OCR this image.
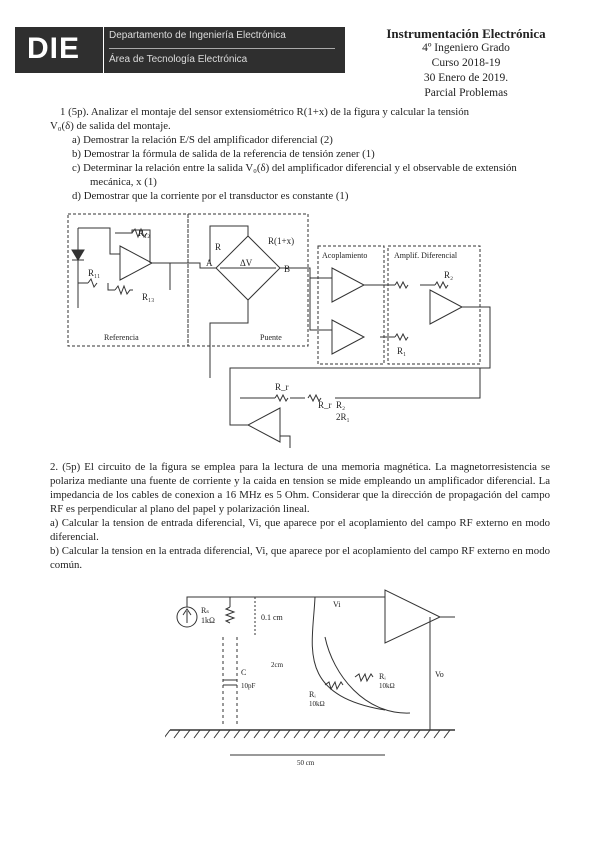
DIE	Departamento de Ingeniería Electrónica
Área de Tecnología Electrónica
Instrumentación Electrónica
4º Ingeniero Grado
Curso 2018-19
30 Enero de 2019.
Parcial Problemas
1 (5p). Analizar el montaje del sensor extensiométrico R(1+x) de la figura y calcular la tensión
V₀(δ) de salida del montaje.
a) Demostrar la relación E/S del amplificador diferencial (2)
b) Demostrar la fórmula de salida de la referencia de tensión zener (1)
c) Determinar la relación entre la salida V₀(δ) del amplificador diferencial y el observable de extensión mecánica, x (1)
d) Demostrar que la corriente por el transductor es constante (1)
R₁₂
R₁₁
R₁₃
R
R(1+x)
A
B
ΔV
Acoplamiento	Amplif. Diferencial
R₂
R₁
Referencia	Puente
R_r
R_r R₂
2R₁
2. (5p) El circuito de la figura se emplea para la lectura de una memoria magnética. La magnetorresistencia se polariza mediante una fuente de corriente y la caida en tension se mide empleando un amplificador diferencial. La impedancia de los cables de conexion a 16 MHz es 5 Ohm. Considerar que la dirección de propagación del campo RF es perpendicular al plano del papel y polarización lineal.
a) Calcular la tension de entrada diferencial, Vi, que aparece por el acoplamiento del campo RF externo en modo diferencial.
b) Calcular la tension en la entrada diferencial, Vi, que aparece por el acoplamiento del campo RF externo en modo común.
Rₛ
1kΩ	0.1 cm
Vi
C
10pF
2cm
Rᵢ
10kΩ
Rᵢ
10kΩ
Vo
50 cm
